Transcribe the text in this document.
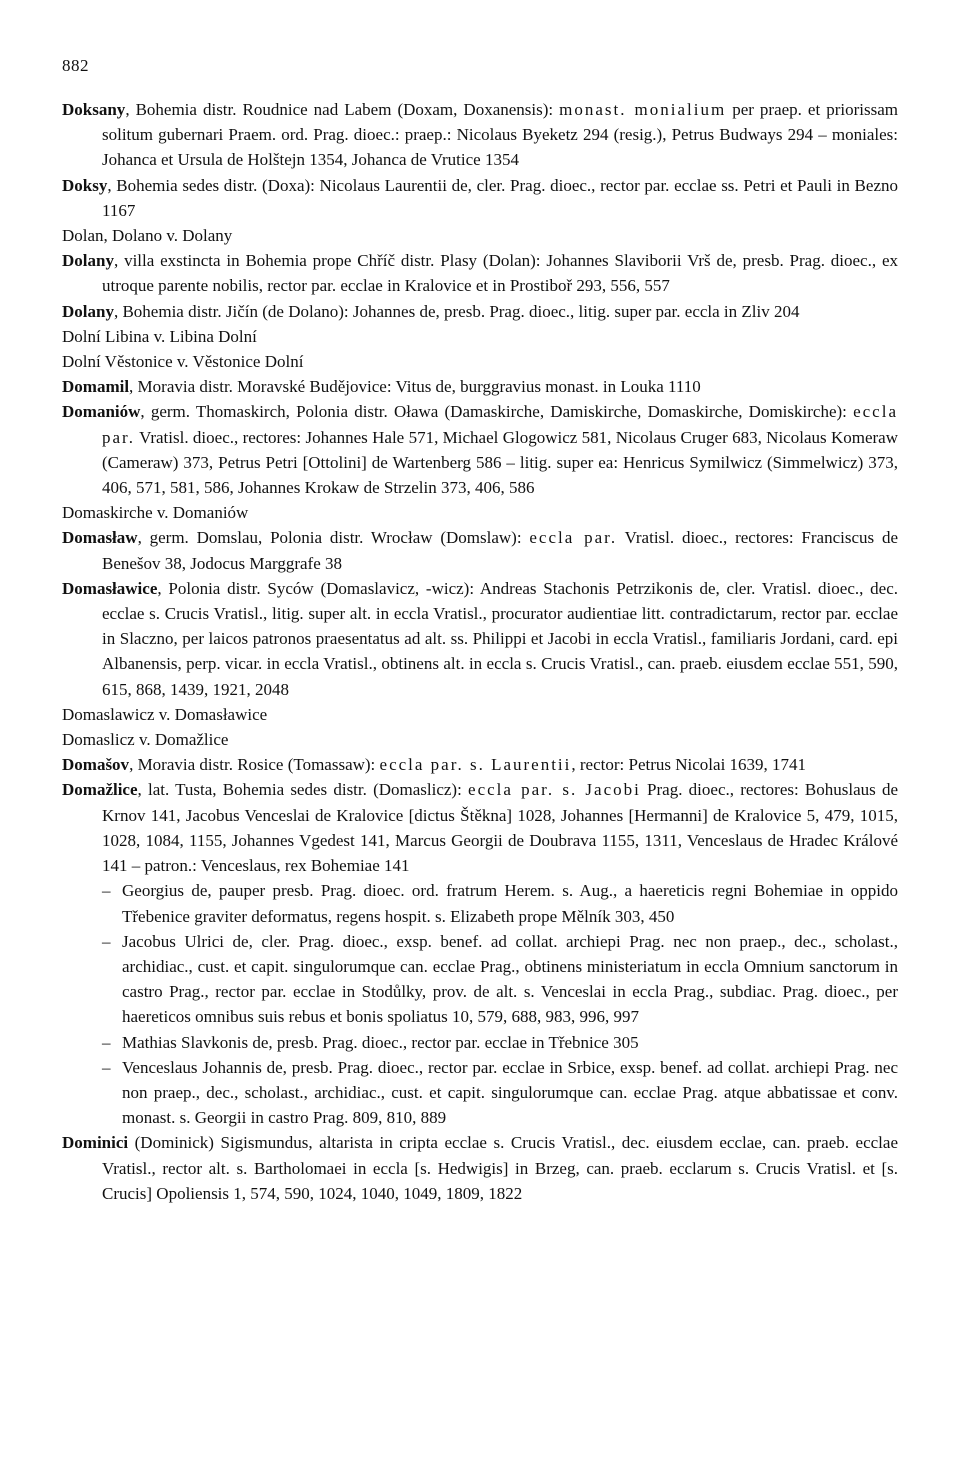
882

Doksany, Bohemia distr. Roudnice nad Labem (Doxam, Doxanensis): monast. monialium per praep. et priorissam solitum gubernari Praem. ord. Prag. dioec.: praep.: Nicolaus Byeketz 294 (resig.), Petrus Budways 294 – moniales: Johanca et Ursula de Holštejn 1354, Johanca de Vrutice 1354

Doksy, Bohemia sedes distr. (Doxa): Nicolaus Laurentii de, cler. Prag. dioec., rector par. ecclae ss. Petri et Pauli in Bezno 1167

Dolan, Dolano v. Dolany

Dolany, villa exstincta in Bohemia prope Chříč distr. Plasy (Dolan): Johannes Slaviborii Vrš de, presb. Prag. dioec., ex utroque parente nobilis, rector par. ecclae in Kralovice et in Prostiboř 293, 556, 557

Dolany, Bohemia distr. Jičín (de Dolano): Johannes de, presb. Prag. dioec., litig. super par. eccla in Zliv 204

Dolní Libina v. Libina Dolní

Dolní Věstonice v. Věstonice Dolní

Domamil, Moravia distr. Moravské Budějovice: Vitus de, burggravius monast. in Louka 1110

Domaniów, germ. Thomaskirch, Polonia distr. Oława (Damaskirche, Damiskirche, Domaskirche, Domiskirche): eccla par. Vratisl. dioec., rectores: Johannes Hale 571, Michael Glogowicz 581, Nicolaus Cruger 683, Nicolaus Komeraw (Cameraw) 373, Petrus Petri [Ottolini] de Wartenberg 586 – litig. super ea: Henricus Symilwicz (Simmelwicz) 373, 406, 571, 581, 586, Johannes Krokaw de Strzelin 373, 406, 586

Domaskirche v. Domaniów

Domasław, germ. Domslau, Polonia distr. Wrocław (Domslaw): eccla par. Vratisl. dioec., rectores: Franciscus de Benešov 38, Jodocus Marggrafe 38

Domasławice, Polonia distr. Syców (Domaslavicz, -wicz): Andreas Stachonis Petrzikonis de, cler. Vratisl. dioec., dec. ecclae s. Crucis Vratisl., litig. super alt. in eccla Vratisl., procurator audientiae litt. contradictarum, rector par. ecclae in Slaczno, per laicos patronos praesentatus ad alt. ss. Philippi et Jacobi in eccla Vratisl., familiaris Jordani, card. epi Albanensis, perp. vicar. in eccla Vratisl., obtinens alt. in eccla s. Crucis Vratisl., can. praeb. eiusdem ecclae 551, 590, 615, 868, 1439, 1921, 2048

Domaslawicz v. Domasławice

Domaslicz v. Domažlice

Domašov, Moravia distr. Rosice (Tomassaw): eccla par. s. Laurentii, rector: Petrus Nicolai 1639, 1741

Domažlice, lat. Tusta, Bohemia sedes distr. (Domaslicz): eccla par. s. Jacobi Prag. dioec., rectores: Bohuslaus de Krnov 141, Jacobus Venceslai de Kralovice [dictus Štěkna] 1028, Johannes [Hermanni] de Kralovice 5, 479, 1015, 1028, 1084, 1155, Johannes Vgedest 141, Marcus Georgii de Doubrava 1155, 1311, Venceslaus de Hradec Králové 141 – patron.: Venceslaus, rex Bohemiae 141

– Georgius de, pauper presb. Prag. dioec. ord. fratrum Herem. s. Aug., a haereticis regni Bohemiae in oppido Třebenice graviter deformatus, regens hospit. s. Elizabeth prope Mělník 303, 450

– Jacobus Ulrici de, cler. Prag. dioec., exsp. benef. ad collat. archiepi Prag. nec non praep., dec., scholast., archidiac., cust. et capit. singulorumque can. ecclae Prag., obtinens ministeriatum in eccla Omnium sanctorum in castro Prag., rector par. ecclae in Stodůlky, prov. de alt. s. Venceslai in eccla Prag., subdiac. Prag. dioec., per haereticos omnibus suis rebus et bonis spoliatus 10, 579, 688, 983, 996, 997

– Mathias Slavkonis de, presb. Prag. dioec., rector par. ecclae in Třebnice 305

– Venceslaus Johannis de, presb. Prag. dioec., rector par. ecclae in Srbice, exsp. benef. ad collat. archiepi Prag. nec non praep., dec., scholast., archidiac., cust. et capit. singulorumque can. ecclae Prag. atque abbatissae et conv. monast. s. Georgii in castro Prag. 809, 810, 889

Dominici (Dominick) Sigismundus, altarista in cripta ecclae s. Crucis Vratisl., dec. eiusdem ecclae, can. praeb. ecclae Vratisl., rector alt. s. Bartholomaei in eccla [s. Hedwigis] in Brzeg, can. praeb. ecclarum s. Crucis Vratisl. et [s. Crucis] Opoliensis 1, 574, 590, 1024, 1040, 1049, 1809, 1822
